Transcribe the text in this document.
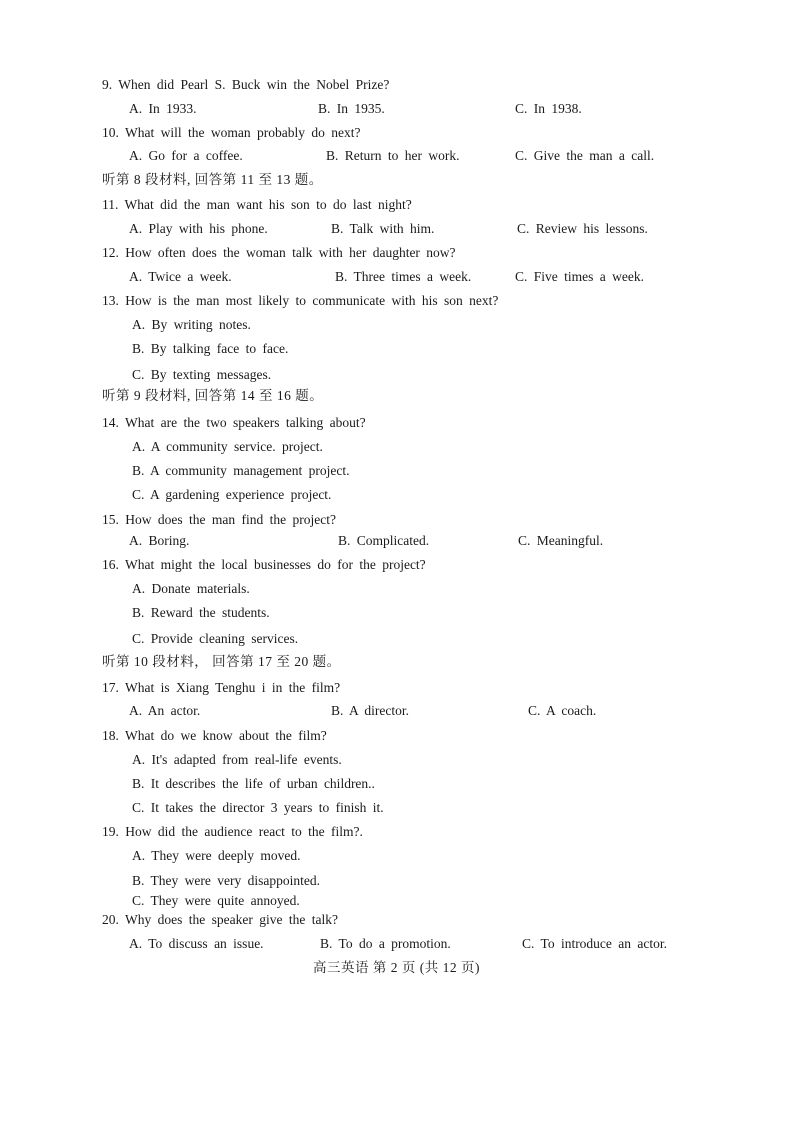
9. When did Pearl S. Buck win the Nobel Prize?
A. In 1933.	B. In 1935.	C. In 1938.
10. What will the woman probably do next?
A. Go for a coffee.	B. Return to her work.	C. Give the man a call.
听第 8 段材料, 回答第 11 至 13 题。
11. What did the man want his son to do last night?
A. Play with his phone.	B. Talk with him.	C. Review his lessons.
12. How often does the woman talk with her daughter now?
A. Twice a week.	B. Three times a week.	C. Five times a week.
13. How is the man most likely to communicate with his son next?
A. By writing notes.
B. By talking face to face.
C. By texting messages.
听第 9 段材料, 回答第 14 至 16 题。
14. What are the two speakers talking about?
A. A community service. project.
B. A community management project.
C. A gardening experience project.
15. How does the man find the project?
A. Boring.	B. Complicated.	C. Meaningful.
16. What might the local businesses do for the project?
A. Donate materials.
B. Reward the students.
C. Provide cleaning services.
听第 10 段材料， 回答第 17 至 20 题。
17. What is Xiang Tenghu i in the film?
A. An actor.	B. A director.	C. A coach.
18. What do we know about the film?
A. It's adapted from real-life events.
B. It describes the life of urban children..
C. It takes the director 3 years to finish it.
19. How did the audience react to the film?.
A. They were deeply moved.
B. They were very disappointed.
C. They were quite annoyed.
20. Why does the speaker give the talk?
A. To discuss an issue.	B. To do a promotion.	C. To introduce an actor.
高三英语 第 2 页 (共 12 页)
